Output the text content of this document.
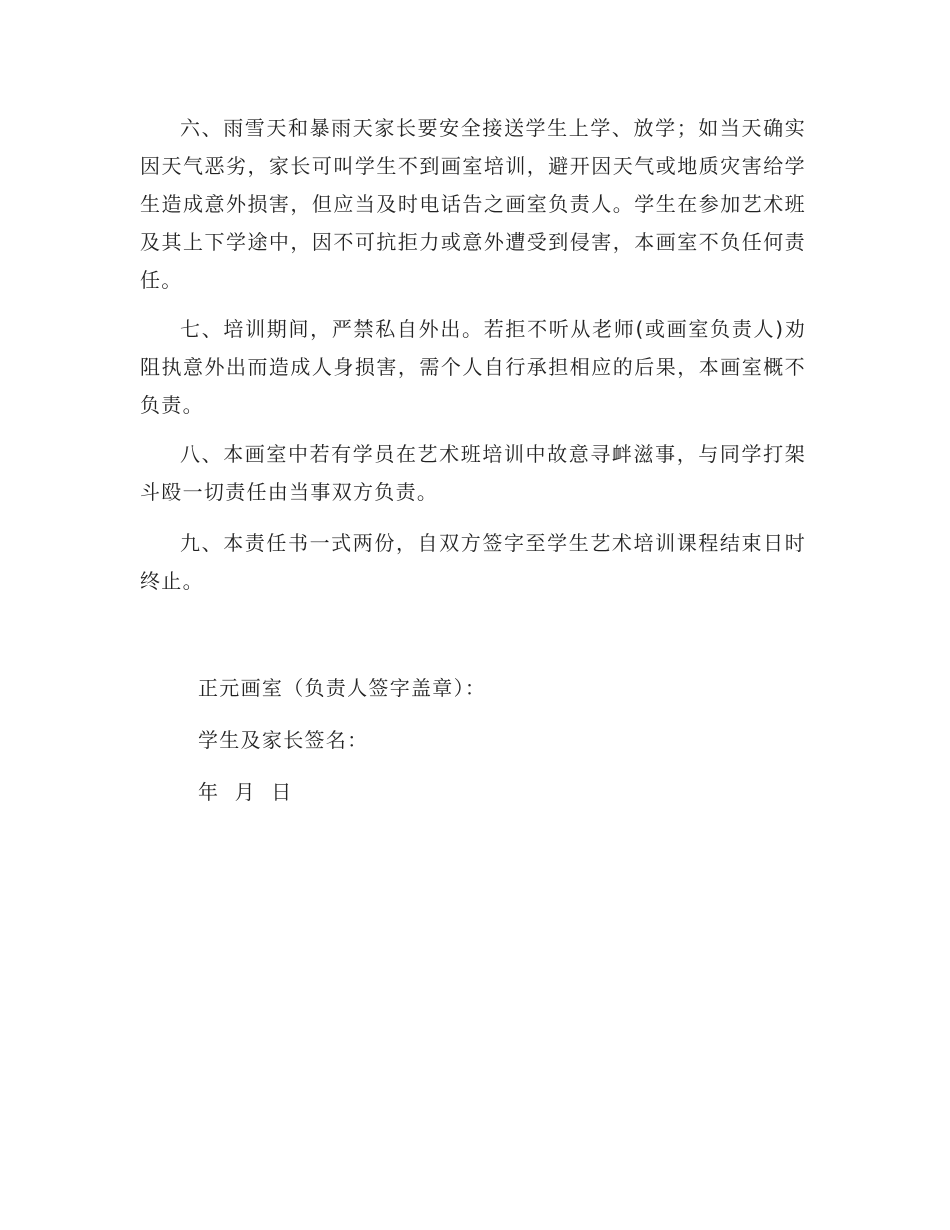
六、雨雪天和暴雨天家长要安全接送学生上学、放学；如当天确实因天气恶劣，家长可叫学生不到画室培训，避开因天气或地质灾害给学生造成意外损害，但应当及时电话告之画室负责人。学生在参加艺术班及其上下学途中，因不可抗拒力或意外遭受到侵害，本画室不负任何责任。

七、培训期间，严禁私自外出。若拒不听从老师(或画室负责人)劝阻执意外出而造成人身损害，需个人自行承担相应的后果，本画室概不负责。

八、本画室中若有学员在艺术班培训中故意寻衅滋事，与同学打架斗殴一切责任由当事双方负责。

九、本责任书一式两份，自双方签字至学生艺术培训课程结束日时终止。

正元画室（负责人签字盖章）：

学生及家长签名：

年  月  日
